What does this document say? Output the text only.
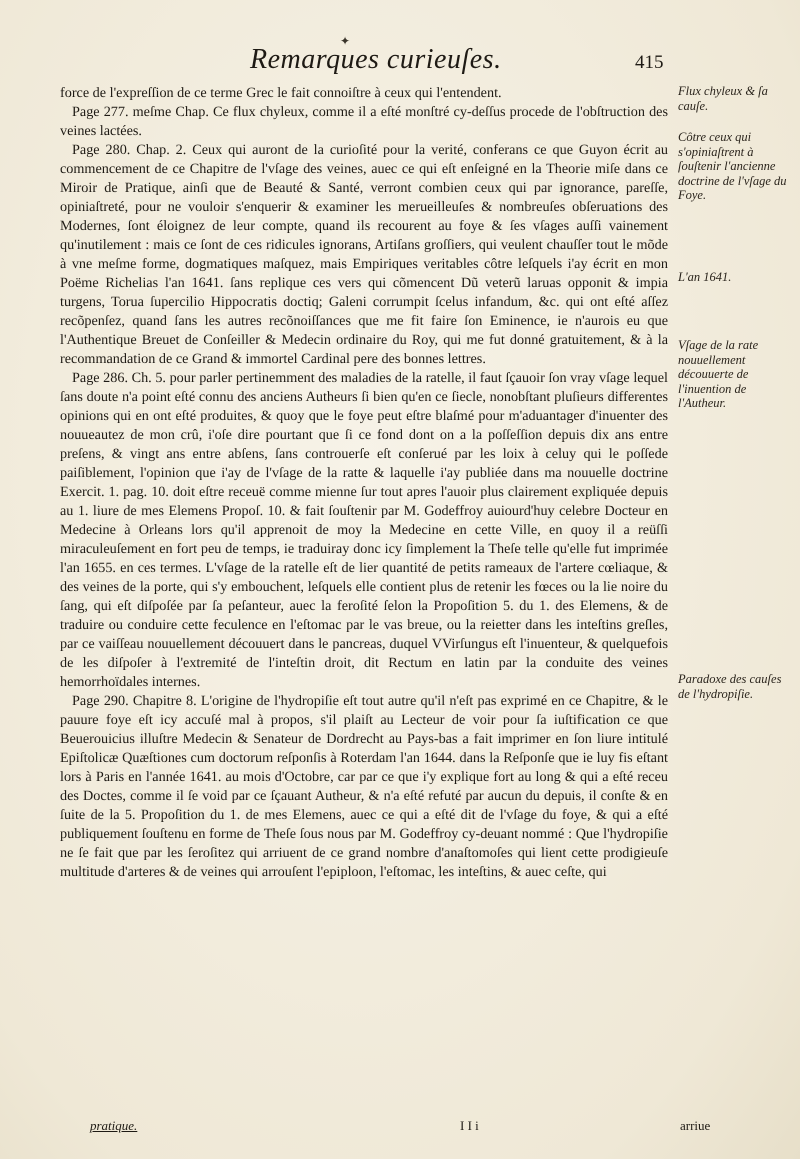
✦
Remarques curieuſes.	415

force de l'expreſſion de ce terme Grec le fait connoiſtre à ceux qui l'entendent.

Page 277. meſme Chap. Ce flux chyleux, comme il a eſté monſtré cy-deſſus procede de l'obſtruction des veines lactées.

Page 280. Chap. 2. Ceux qui auront de la curioſité pour la verité, conferans ce que Guyon écrit au commencement de ce Chapitre de l'vſage des veines, auec ce qui eſt enſeigné en la Theorie miſe dans ce Miroir de Pratique, ainſi que de Beauté & Santé, verront combien ceux qui par ignorance, pareſſe, opiniaſtreté, pour ne vouloir s'enquerir & examiner les merueilleuſes & nombreuſes obſeruations des Modernes, ſont éloignez de leur compte, quand ils recourent au foye & ſes vſages auſſi vainement qu'inutilement : mais ce ſont de ces ridicules ignorans, Artiſans groſſiers, qui veulent chauſſer tout le mõde à vne meſme forme, dogmatiques maſquez, mais Empiriques veritables côtre leſquels i'ay écrit en mon Poëme Richelias l'an 1641. ſans replique ces vers qui cõmencent Dũ veterũ laruas opponit & impia turgens, Torua ſupercilio Hippocratis doctiq; Galeni corrumpit ſcelus infandum, &c. qui ont eſté aſſez recõpenſez, quand ſans les autres recõnoiſſances que me fit faire ſon Eminence, ie n'aurois eu que l'Authentique Breuet de Conſeiller & Medecin ordinaire du Roy, qui me fut donné gratuitement, & à la recommandation de ce Grand & immortel Cardinal pere des bonnes lettres.

Page 286. Ch. 5. pour parler pertinemment des maladies de la ratelle, il faut ſçauoir ſon vray vſage lequel ſans doute n'a point eſté connu des anciens Autheurs ſi bien qu'en ce ſiecle, nonobſtant pluſieurs differentes opinions qui en ont eſté produites, & quoy que le foye peut eſtre blaſmé pour m'aduantager d'inuenter des nouueautez de mon crû, i'oſe dire pourtant que ſi ce fond dont on a la poſſeſſion depuis dix ans entre preſens, & vingt ans entre abſens, ſans controuerſe eſt conſerué par les loix à celuy qui le poſſede paiſiblement, l'opinion que i'ay de l'vſage de la ratte & laquelle i'ay publiée dans ma nouuelle doctrine Exercit. 1. pag. 10. doit eſtre receuë comme mienne ſur tout apres l'auoir plus clairement expliquée depuis au 1. liure de mes Elemens Propoſ. 10. & fait ſouſtenir par M. Godeffroy auiourd'huy celebre Docteur en Medecine à Orleans lors qu'il apprenoit de moy la Medecine en cette Ville, en quoy il a reüſſi miraculeuſement en fort peu de temps, ie traduiray donc icy ſimplement la Theſe telle qu'elle fut imprimée l'an 1655. en ces termes. L'vſage de la ratelle eſt de lier quantité de petits rameaux de l'artere cœliaque, & des veines de la porte, qui s'y embouchent, leſquels elle contient plus de retenir les fœces ou la lie noire du ſang, qui eſt diſpoſée par ſa peſanteur, auec la feroſité ſelon la Propoſition 5. du 1. des Elemens, & de traduire ou conduire cette feculence en l'eſtomac par le vas breue, ou la reietter dans les inteſtins greſles, par ce vaiſſeau nouuellement découuert dans le pancreas, duquel VVirſungus eſt l'inuenteur, & quelquefois de les diſpoſer à l'extremité de l'inteſtin droit, dit Rectum en latin par la conduite des veines hemorrhoïdales internes.

Page 290. Chapitre 8. L'origine de l'hydropiſie eſt tout autre qu'il n'eſt pas exprimé en ce Chapitre, & le pauure foye eſt icy accuſé mal à propos, s'il plaiſt au Lecteur de voir pour ſa iuſtification ce que Beuerouicius illuſtre Medecin & Senateur de Dordrecht au Pays-bas a fait imprimer en ſon liure intitulé Epiſtolicæ Quæſtiones cum doctorum reſponſis à Roterdam l'an 1644. dans la Reſponſe que ie luy fis eſtant lors à Paris en l'année 1641. au mois d'Octobre, car par ce que i'y explique fort au long & qui a eſté receu des Doctes, comme il ſe void par ce ſçauant Autheur, & n'a eſté refuté par aucun du depuis, il conſte & en ſuite de la 5. Propoſition du 1. de mes Elemens, auec ce qui a eſté dit de l'vſage du foye, & qui a eſté publiquement ſouſtenu en forme de Theſe ſous nous par M. Godeffroy cy-deuant nommé : Que l'hydropiſie ne ſe fait que par les ſeroſitez qui arriuent de ce grand nombre d'anaſtomoſes qui lient cette prodigieuſe multitude d'arteres & de veines qui arrouſent l'epiploon, l'eſtomac, les inteſtins, & auec ceſte, qui

Flux chyleux & ſa cauſe.
Côtre ceux qui s'opiniaſtrent à ſouſtenir l'ancienne doctrine de l'vſage du Foye.
L'an 1641.
Vſage de la rate nouuellement découuerte de l'inuention de l'Autheur.
Paradoxe des cauſes de l'hydropiſie.
pratique.	I I i	arriue
